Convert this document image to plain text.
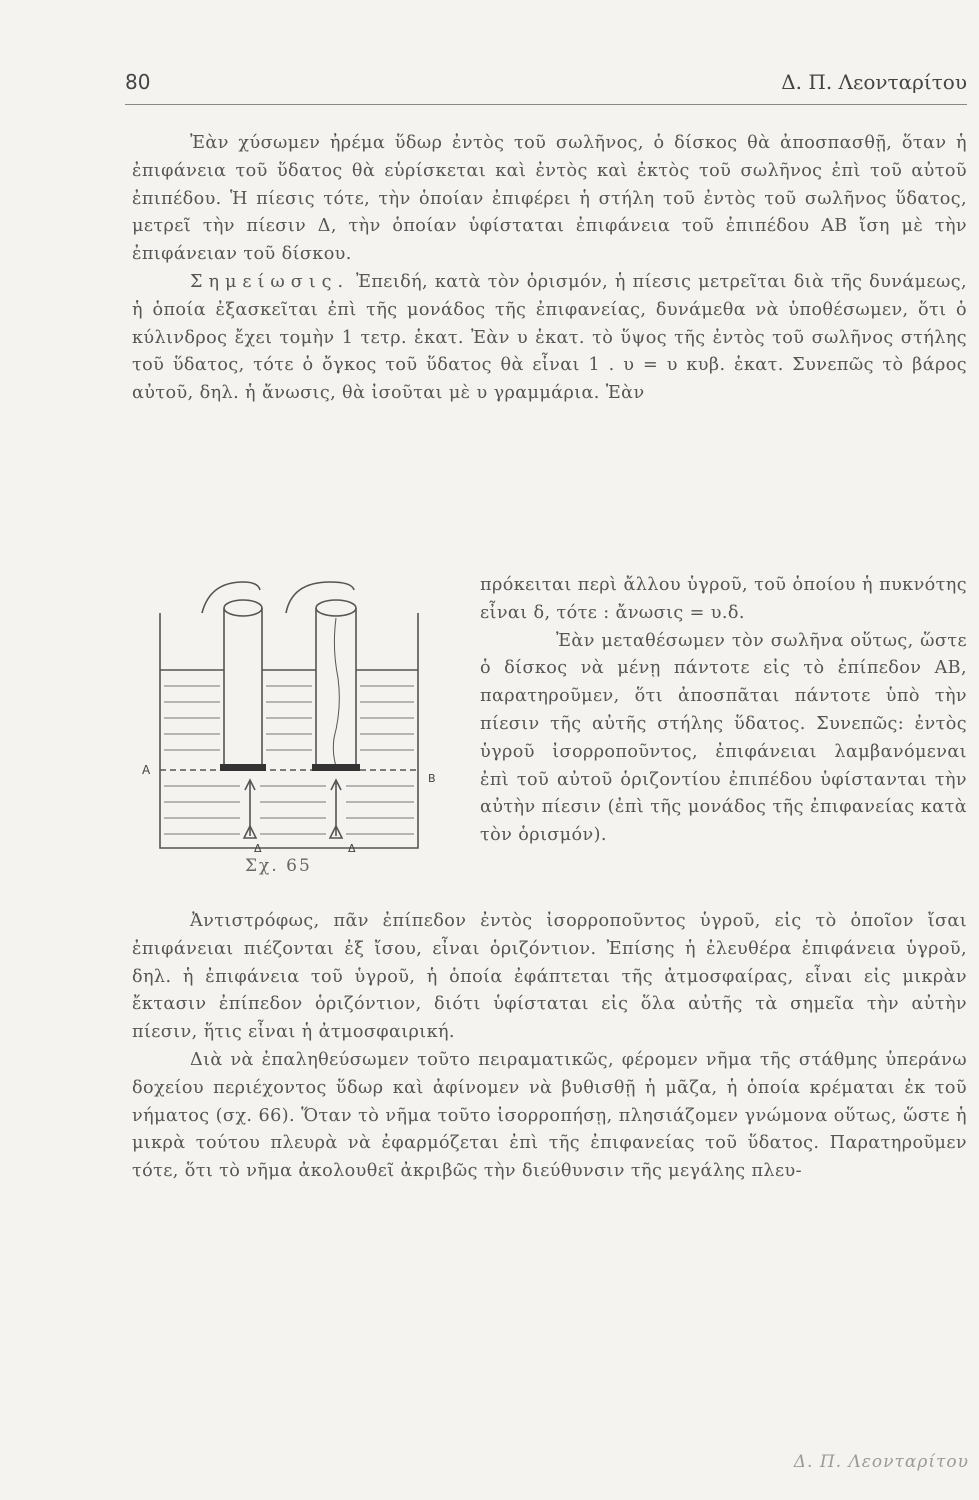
80	Δ. Π. Λεονταρίτου

Ἐὰν χύσωμεν ἠρέμα ὕδωρ ἐντὸς τοῦ σωλῆνος, ὁ δίσκος θὰ ἀποσπασθῇ, ὅταν ἡ ἐπιφάνεια τοῦ ὕδατος θὰ εὑρίσκεται καὶ ἐντὸς καὶ ἐκτὸς τοῦ σωλῆνος ἐπὶ τοῦ αὐτοῦ ἐπιπέδου. Ἡ πίεσις τότε, τὴν ὁποίαν ἐπιφέρει ἡ στήλη τοῦ ἐντὸς τοῦ σωλῆνος ὕδατος, μετρεῖ τὴν πίεσιν Δ, τὴν ὁποίαν ὑφίσταται ἐπιφάνεια τοῦ ἐπιπέδου ΑΒ ἴση μὲ τὴν ἐπιφάνειαν τοῦ δίσκου.

Σημείωσις. Ἐπειδή, κατὰ τὸν ὁρισμόν, ἡ πίεσις μετρεῖται διὰ τῆς δυνάμεως, ἡ ὁποία ἐξασκεῖται ἐπὶ τῆς μονάδος τῆς ἐπιφανείας, δυνάμεθα νὰ ὑποθέσωμεν, ὅτι ὁ κύλινδρος ἔχει τομὴν 1 τετρ. ἑκατ. Ἐὰν υ ἑκατ. τὸ ὕψος τῆς ἐντὸς τοῦ σωλῆνος στήλης τοῦ ὕδατος, τότε ὁ ὄγκος τοῦ ὕδατος θὰ εἶναι 1 . υ = υ κυβ. ἑκατ. Συνεπῶς τὸ βάρος αὐτοῦ, δηλ. ἡ ἄνωσις, θὰ ἰσοῦται μὲ υ γραμμάρια. Ἐὰν

Α
Β
Δ	Δ
Σχ. 65

πρόκειται περὶ ἄλλου ὑγροῦ, τοῦ ὁποίου ἡ πυκνότης εἶναι δ, τότε : ἄνωσις = υ.δ.

Ἐὰν μεταθέσωμεν τὸν σωλῆνα οὕτως, ὥστε ὁ δίσκος νὰ μένῃ πάντοτε εἰς τὸ ἐπίπεδον ΑΒ, παρατηροῦμεν, ὅτι ἀποσπᾶται πάντοτε ὑπὸ τὴν πίεσιν τῆς αὐτῆς στήλης ὕδατος. Συνεπῶς: ἐντὸς ὑγροῦ ἰσορροποῦντος, ἐπιφάνειαι λαμβανόμεναι ἐπὶ τοῦ αὐτοῦ ὁριζοντίου ἐπιπέδου ὑφίστανται τὴν αὐτὴν πίεσιν (ἐπὶ τῆς μονάδος τῆς ἐπιφανείας κατὰ τὸν ὁρισμόν).

Ἀντιστρόφως, πᾶν ἐπίπεδον ἐντὸς ἰσορροποῦντος ὑγροῦ, εἰς τὸ ὁποῖον ἴσαι ἐπιφάνειαι πιέζονται ἐξ ἴσου, εἶναι ὁριζόντιον. Ἐπίσης ἡ ἐλευθέρα ἐπιφάνεια ὑγροῦ, δηλ. ἡ ἐπιφάνεια τοῦ ὑγροῦ, ἡ ὁποία ἐφάπτεται τῆς ἀτμοσφαίρας, εἶναι εἰς μικρὰν ἔκτασιν ἐπίπεδον ὁριζόντιον, διότι ὑφίσταται εἰς ὅλα αὐτῆς τὰ σημεῖα τὴν αὐτὴν πίεσιν, ἥτις εἶναι ἡ ἀτμοσφαιρική.

Διὰ νὰ ἐπαληθεύσωμεν τοῦτο πειραματικῶς, φέρομεν νῆμα τῆς στάθμης ὑπεράνω δοχείου περιέχοντος ὕδωρ καὶ ἀφίνομεν νὰ βυθισθῇ ἡ μᾶζα, ἡ ὁποία κρέμαται ἐκ τοῦ νήματος (σχ. 66). Ὅταν τὸ νῆμα τοῦτο ἰσορροπήσῃ, πλησιάζομεν γνώμονα οὕτως, ὥστε ἡ μικρὰ τούτου πλευρὰ νὰ ἐφαρμόζεται ἐπὶ τῆς ἐπιφανείας τοῦ ὕδατος. Παρατηροῦμεν τότε, ὅτι τὸ νῆμα ἀκολουθεῖ ἀκριβῶς τὴν διεύθυνσιν τῆς μεγάλης πλευ-

Δ. Π. Λεονταρίτου
